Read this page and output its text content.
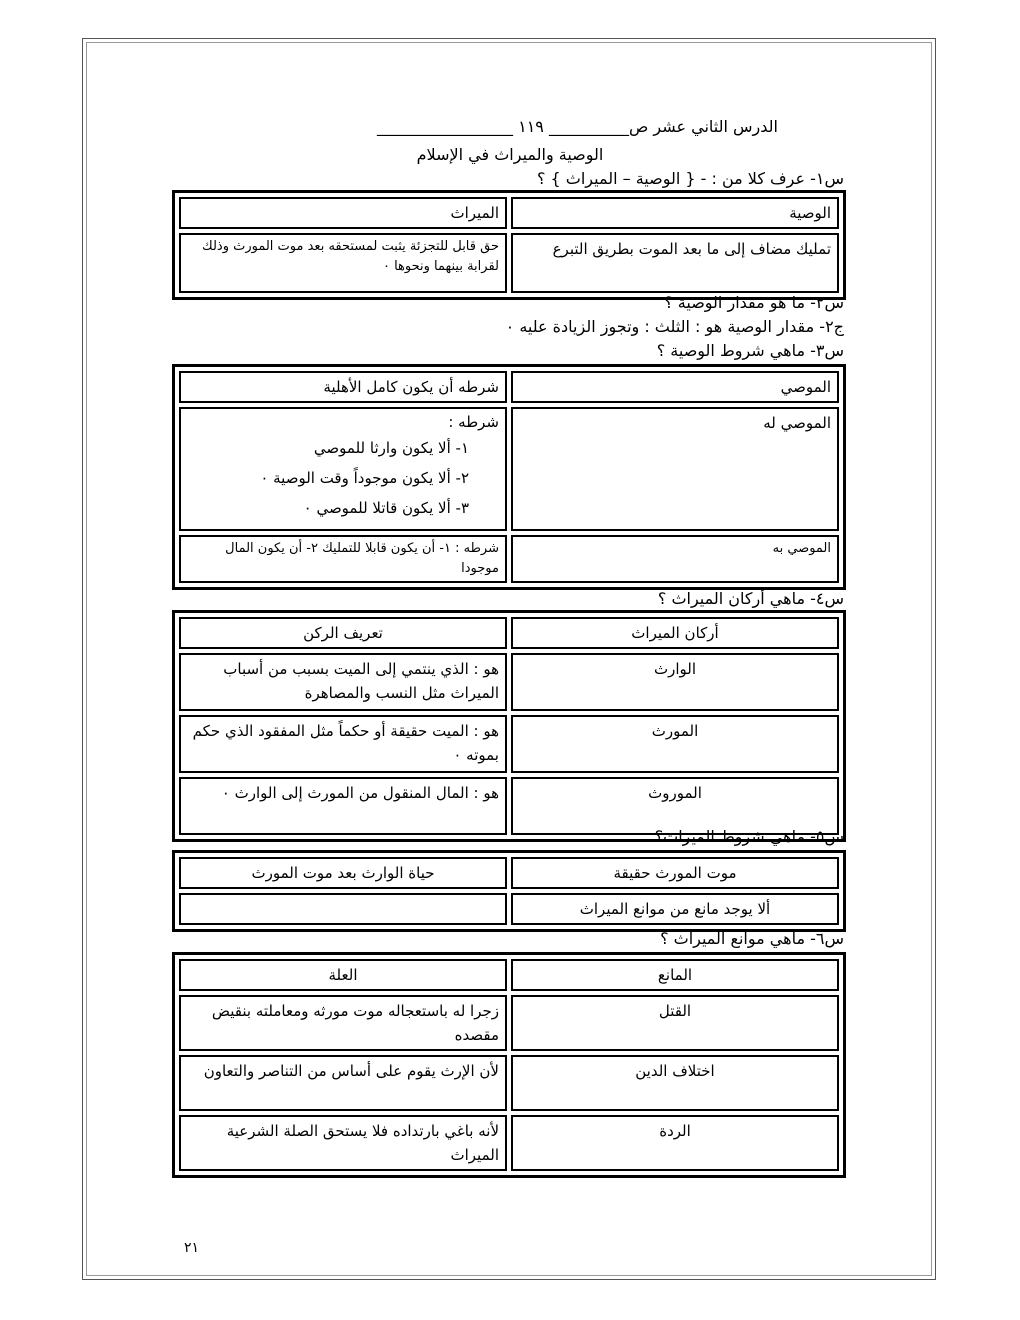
الدرس الثاني عشر ص__________ ١١٩ _________________
الوصية والميراث في الإسلام
س١- عرف كلا من : - { الوصية – الميراث } ؟
الوصية	الميراث
تمليك مضاف إلى ما بعد الموت بطريق التبرع	حق قابل للتجزئة يثبت لمستحقه بعد موت المورث وذلك لقرابة بينهما ونحوها ٠
س٢- ما هو مقدار الوصية ؟
ج٢- مقدار الوصية هو : الثلث : وتجوز الزيادة عليه ٠
س٣- ماهي شروط الوصية ؟
الموصي	شرطه أن يكون كامل الأهلية
الموصي له	شرطه :
١- ألا يكون وارثا للموصي
٢- ألا يكون موجوداً وقت الوصية ٠
٣- ألا يكون قاتلا للموصي ٠

الموصي به	شرطه : ١- أن يكون قابلا للتمليك ٢- أن يكون المال موجودا
س٤- ماهي أركان الميراث ؟
أركان الميراث	تعريف الركن
الوارث	هو : الذي ينتمي إلى الميت بسبب من أسباب الميراث مثل النسب والمصاهرة
المورث	هو : الميت حقيقة أو حكماً مثل المفقود الذي حكم بموته ٠
الموروث	هو : المال المنقول من المورث إلى الوارث ٠
س٥- ماهي شروط الميراث؟
موت المورث حقيقة	حياة الوارث بعد موت المورث
ألا يوجد مانع من موانع الميراث	
س٦- ماهي موانع الميراث ؟
المانع	العلة
القتل	زجرا له باستعجاله موت مورثه ومعاملته بنقيض مقصده
اختلاف الدين	لأن الإرث يقوم على أساس من التناصر والتعاون
الردة	لأنه باغي بارتداده فلا يستحق الصلة الشرعية الميراث
٢١
